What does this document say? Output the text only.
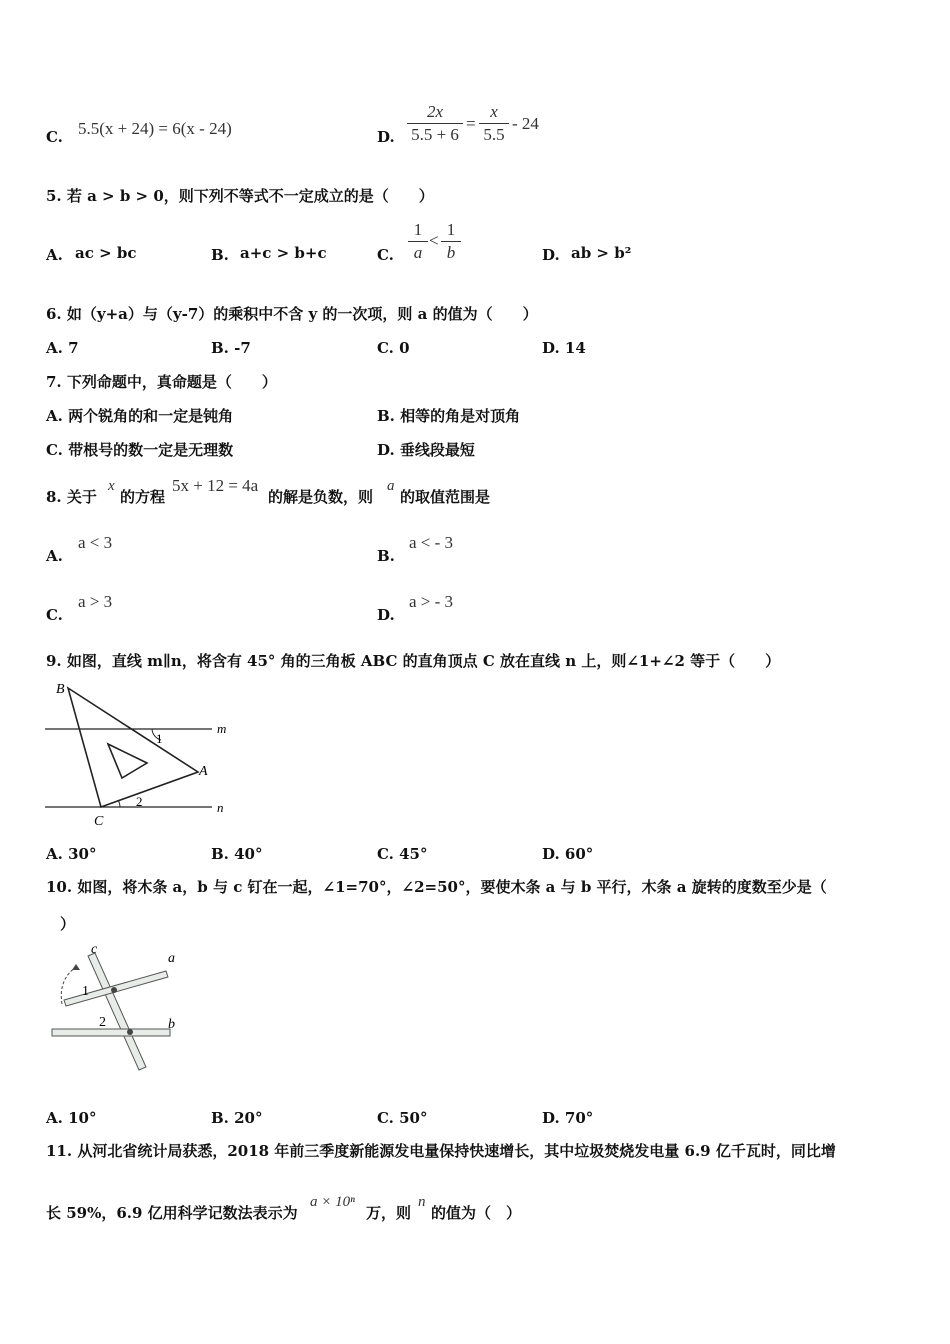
C. 5.5(x + 24) = 6(x - 24)	D. $\frac{2x}{5.5 + 6} = \frac{x}{5.5} - 24$
5. 若 a > b > 0，则下列不等式不一定成立的是（　　）
A. ac > bc	B. a+c > b+c	C. $\frac{1}{a} < \frac{1}{b}$	D. ab > b²
6. 如（y+a）与（y-7）的乘积中不含 y 的一次项，则 a 的值为（　　）
A. 7	B. -7	C. 0	D. 14
7. 下列命题中，真命题是（　　）
A. 两个锐角的和一定是钝角	B. 相等的角是对顶角
C. 带根号的数一定是无理数	D. 垂线段最短
8. 关于
x
的方程
5x + 12 = 4a
的解是负数，则
a
的取值范围是
A.
a < 3
B.
a < - 3
C.
a > 3
D.
a > - 3
9. 如图，直线 m∥n，将含有 45° 角的三角板 ABC 的直角顶点 C 放在直线 n 上，则∠1+∠2 等于（　　）
B
m
1
A
2	n
C
A. 30°	B. 40°	C. 45°	D. 60°
10. 如图，将木条 a，b 与 c 钉在一起，∠1=70°，∠2=50°，要使木条 a 与 b 平行，木条 a 旋转的度数至少是（
）
c
a
1
2	b
A. 10°	B. 20°	C. 50°	D. 70°
11. 从河北省统计局获悉，2018 年前三季度新能源发电量保持快速增长，其中垃圾焚烧发电量 6.9 亿千瓦时，同比增
长 59%，6.9 亿用科学记数法表示为
a × 10ⁿ
万，则
n
的值为（　）
